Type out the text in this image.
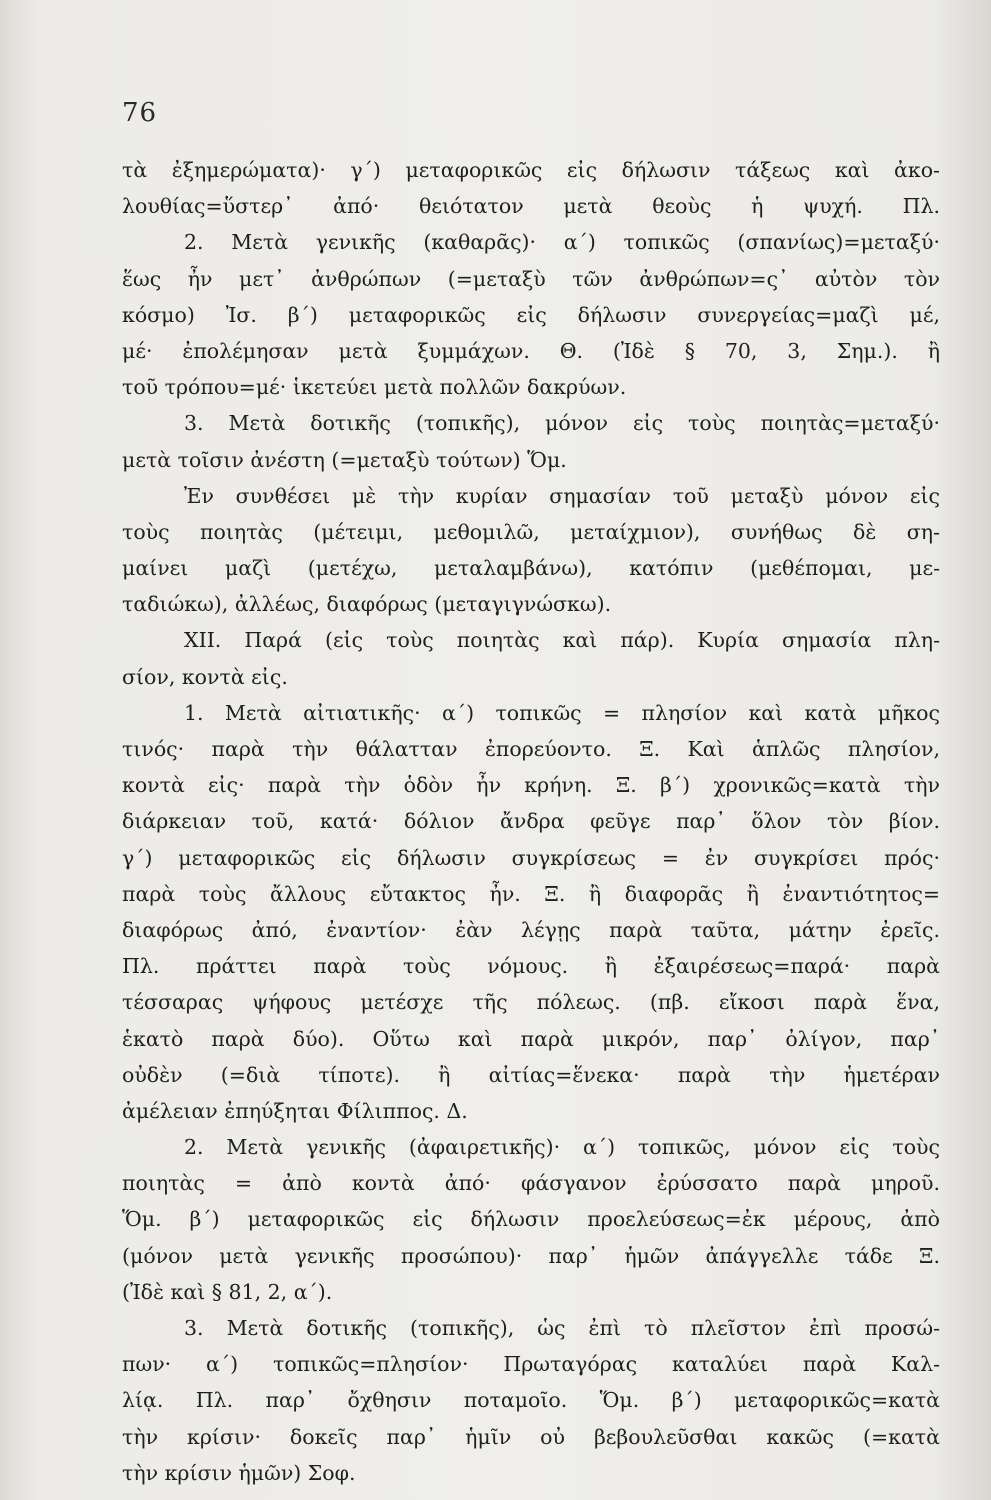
76
τὰ ἐξημερώματα)· γ΄) μεταφορικῶς εἰς δήλωσιν τάξεως καὶ ἀκο-
λουθίας=ὕστερ᾽ ἀπό· θειότατον μετὰ θεοὺς ἡ ψυχή. Πλ.
2. Μετὰ γενικῆς (καθαρᾶς)· α΄) τοπικῶς (σπανίως)=μεταξύ·
ἕως ἦν μετ᾽ ἀνθρώπων (=μεταξὺ τῶν ἀνθρώπων=ς᾽ αὐτὸν τὸν
κόσμο) Ἰσ. β΄) μεταφορικῶς εἰς δήλωσιν συνεργείας=μαζὶ μέ,
μέ· ἐπολέμησαν μετὰ ξυμμάχων. Θ. (Ἰδὲ § 70, 3, Σημ.). ἢ
τοῦ τρόπου=μέ· ἱκετεύει μετὰ πολλῶν δακρύων.
3. Μετὰ δοτικῆς (τοπικῆς), μόνον εἰς τοὺς ποιητὰς=μεταξύ·
μετὰ τοῖσιν ἀνέστη (=μεταξὺ τούτων) Ὅμ.
Ἐν συνθέσει μὲ τὴν κυρίαν σημασίαν τοῦ μεταξὺ μόνον εἰς
τοὺς ποιητὰς (μέτειμι, μεθομιλῶ, μεταίχμιον), συνήθως δὲ ση-
μαίνει μαζὶ (μετέχω, μεταλαμβάνω), κατόπιν (μεθέπομαι, με-
ταδιώκω), ἀλλέως, διαφόρως (μεταγιγνώσκω).
XII. Παρά (εἰς τοὺς ποιητὰς καὶ πάρ). Κυρία σημασία πλη-
σίον, κοντὰ εἰς.
1. Μετὰ αἰτιατικῆς· α΄) τοπικῶς = πλησίον καὶ κατὰ μῆκος
τινός· παρὰ τὴν θάλατταν ἐπορεύοντο. Ξ. Καὶ ἁπλῶς πλησίον,
κοντὰ εἰς· παρὰ τὴν ὁδὸν ἦν κρήνη. Ξ. β΄) χρονικῶς=κατὰ τὴν
διάρκειαν τοῦ, κατά· δόλιον ἄνδρα φεῦγε παρ᾽ ὅλον τὸν βίον.
γ΄) μεταφορικῶς εἰς δήλωσιν συγκρίσεως = ἐν συγκρίσει πρός·
παρὰ τοὺς ἄλλους εὔτακτος ἦν. Ξ. ἢ διαφορᾶς ἢ ἐναντιότητος=
διαφόρως ἀπό, ἐναντίον· ἐὰν λέγῃς παρὰ ταῦτα, μάτην ἐρεῖς.
Πλ. πράττει παρὰ τοὺς νόμους. ἢ ἐξαιρέσεως=παρά· παρὰ
τέσσαρας ψήφους μετέσχε τῆς πόλεως. (πβ. εἴκοσι παρὰ ἕνα,
ἑκατὸ παρὰ δύο). Οὕτω καὶ παρὰ μικρόν, παρ᾽ ὀλίγον, παρ᾽
οὐδὲν (=διὰ τίποτε). ἢ αἰτίας=ἕνεκα· παρὰ τὴν ἡμετέραν
ἀμέλειαν ἐπηύξηται Φίλιππος. Δ.
2. Μετὰ γενικῆς (ἀφαιρετικῆς)· α΄) τοπικῶς, μόνον εἰς τοὺς
ποιητὰς = ἀπὸ κοντὰ ἀπό· φάσγανον ἐρύσσατο παρὰ μηροῦ.
Ὅμ. β΄) μεταφορικῶς εἰς δήλωσιν προελεύσεως=ἐκ μέρους, ἀπὸ
(μόνον μετὰ γενικῆς προσώπου)· παρ᾽ ἡμῶν ἀπάγγελλε τάδε Ξ.
(Ἰδὲ καὶ § 81, 2, α΄).
3. Μετὰ δοτικῆς (τοπικῆς), ὡς ἐπὶ τὸ πλεῖστον ἐπὶ προσώ-
πων· α΄) τοπικῶς=πλησίον· Πρωταγόρας καταλύει παρὰ Καλ-
λίᾳ. Πλ. παρ᾽ ὄχθησιν ποταμοῖο. Ὅμ. β΄) μεταφορικῶς=κατὰ
τὴν κρίσιν· δοκεῖς παρ᾽ ἡμῖν οὐ βεβουλεῦσθαι κακῶς (=κατὰ
τὴν κρίσιν ἡμῶν) Σοφ.
